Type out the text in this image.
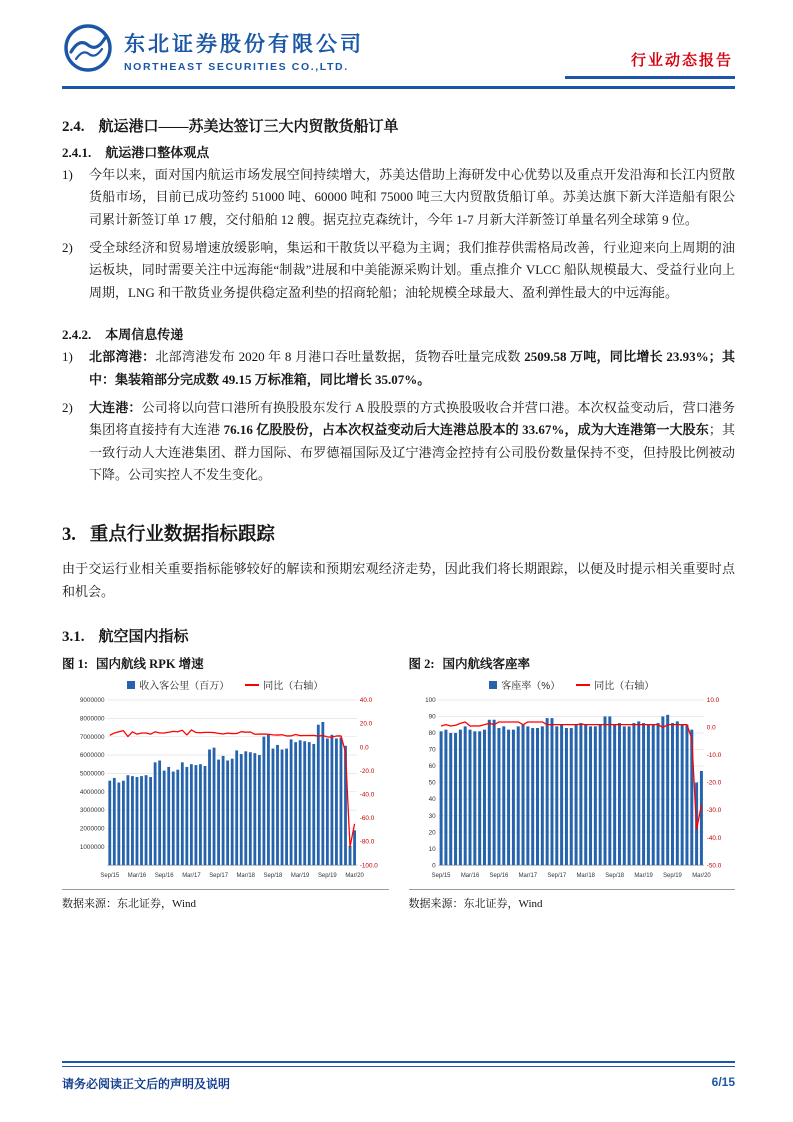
东北证券股份有限公司
NORTHEAST SECURITIES CO.,LTD.	行业动态报告
2.4. 航运港口——苏美达签订三大内贸散货船订单
2.4.1. 航运港口整体观点
1)	今年以来，面对国内航运市场发展空间持续增大，苏美达借助上海研发中心优势以及重点开发沿海和长江内贸散货船市场，目前已成功签约 51000 吨、60000 吨和 75000 吨三大内贸散货船订单。苏美达旗下新大洋造船有限公司累计新签订单 17 艘，交付船舶 12 艘。据克拉克森统计，今年 1-7 月新大洋新签订单量名列全球第 9 位。
2)	受全球经济和贸易增速放缓影响，集运和干散货以平稳为主调；我们推荐供需格局改善，行业迎来向上周期的油运板块，同时需要关注中远海能“制裁”进展和中美能源采购计划。重点推介 VLCC 船队规模最大、受益行业向上周期，LNG 和干散货业务提供稳定盈利垫的招商轮船；油轮规模全球最大、盈利弹性最大的中远海能。
2.4.2. 本周信息传递
1)	北部湾港：北部湾港发布 2020 年 8 月港口吞吐量数据，货物吞吐量完成数 2509.58 万吨，同比增长 23.93%；其中：集装箱部分完成数 49.15 万标准箱，同比增长 35.07%。
2)	大连港：公司将以向营口港所有换股股东发行 A 股股票的方式换股吸收合并营口港。本次权益变动后，营口港务集团将直接持有大连港 76.16 亿股股份，占本次权益变动后大连港总股本的 33.67%，成为大连港第一大股东；其一致行动人大连港集团、群力国际、布罗德福国际及辽宁港湾金控持有公司股份数量保持不变，但持股比例被动下降。公司实控人不发生变化。
3. 重点行业数据指标跟踪

由于交运行业相关重要指标能够较好的解读和预期宏观经济走势，因此我们将长期跟踪，以便及时提示相关重要时点和机会。

3.1. 航空国内指标
图 1: 国内航线 RPK 增速
收入客公里（百万）	同比（右轴）
9000000
8000000
7000000
6000000
5000000
4000000
3000000
2000000
1000000
40.0
20.0
0.0
-20.0
-40.0
-60.0
-80.0
-100.0
Sep/15 Mar/16 Sep/16 Mar/17 Sep/17 Mar/18 Sep/18 Mar/19 Sep/19 Mar/20
数据来源：东北证券，Wind
图 2: 国内航线客座率
客座率（%）	同比（右轴）
100
90
80
70
60
50
40
30
20
10
0
10.0
0.0
-10.0
-20.0
-30.0
-40.0
-50.0
Sep/15 Mar/16 Sep/16 Mar/17 Sep/17 Mar/18 Sep/18 Mar/19 Sep/19 Mar/20
数据来源：东北证券，Wind
请务必阅读正文后的声明及说明	6/15
